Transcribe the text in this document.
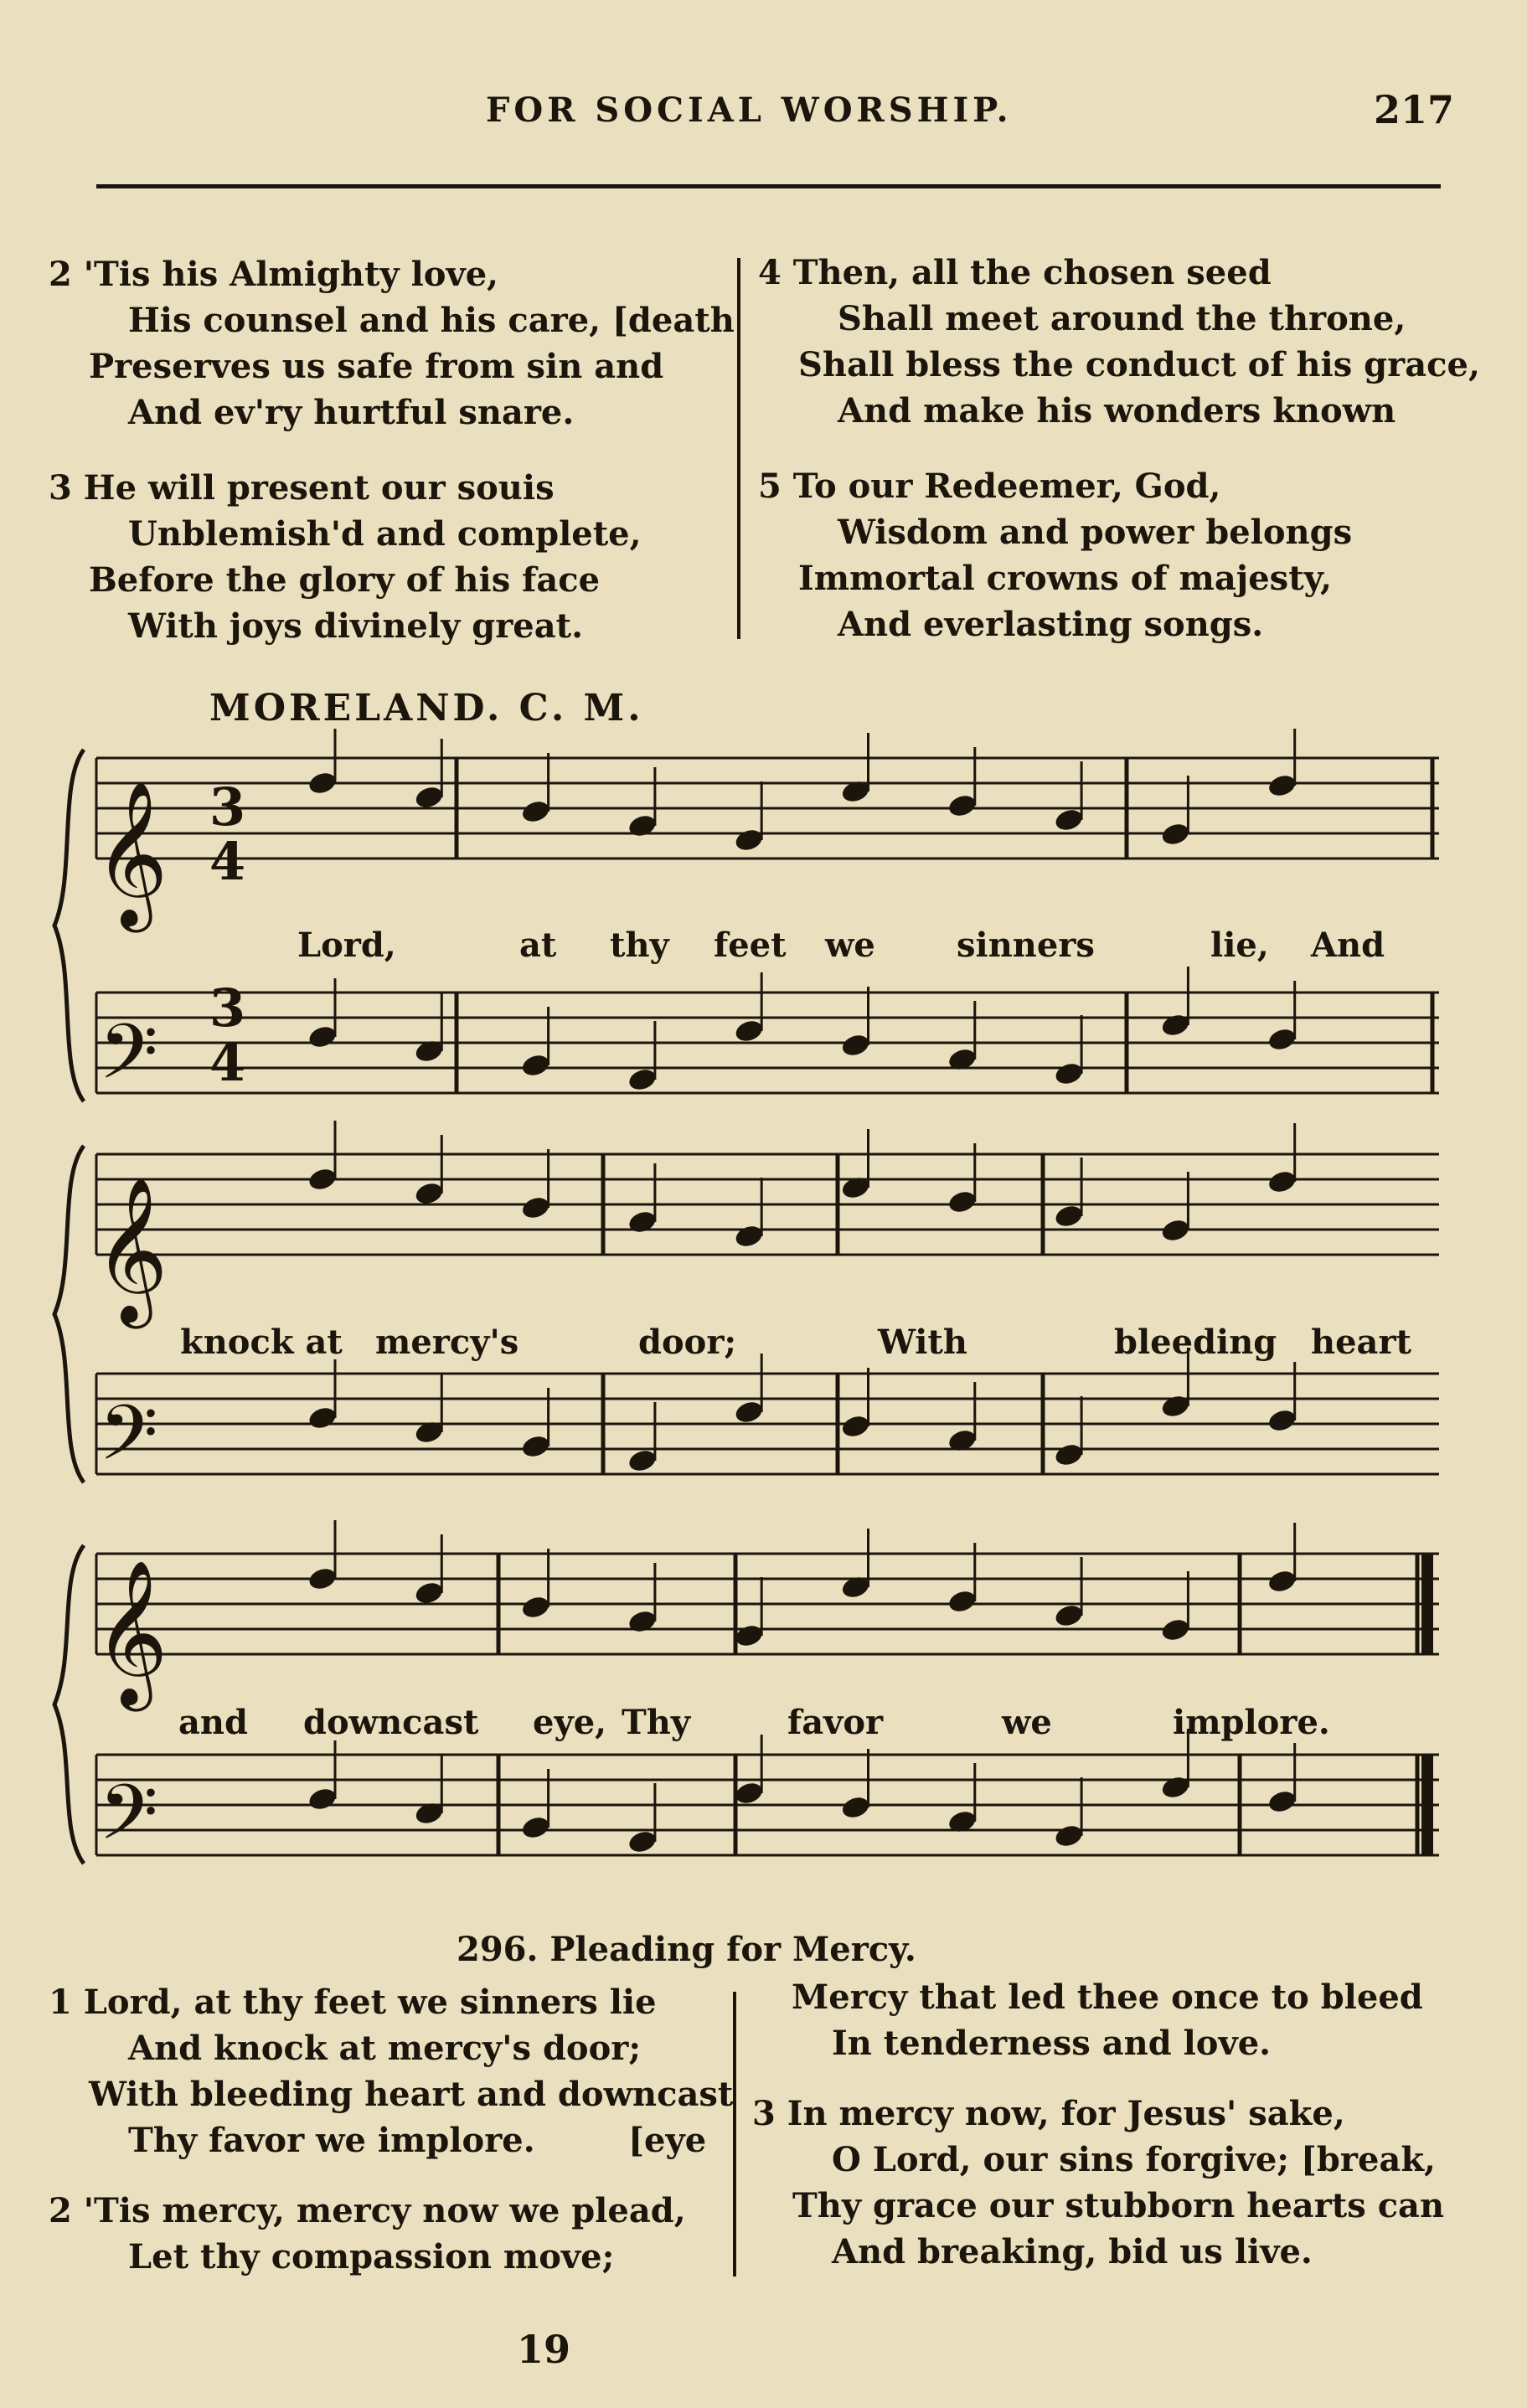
FOR SOCIAL WORSHIP.	217
2 'Tis his Almighty love,
His counsel and his care, [death
Preserves us safe from sin and
And ev'ry hurtful snare.
3 He will present our souis
Unblemish'd and complete,
Before the glory of his face
With joys divinely great.
4 Then, all the chosen seed
Shall meet around the throne,
Shall bless the conduct of his grace,
And make his wonders known
5 To our Redeemer, God,
Wisdom and power belongs
Immortal crowns of majesty,
And everlasting songs.
MORELAND. C. M.
𝄞
𝄢
𝄞
𝄢
𝄞
𝄢
3
4
3
4
Lord,	at thy feet we sinners	lie, And
knock at mercy's	door;	With	bleeding heart
and downcast eye, Thy	favor	we	implore.
296. Pleading for Mercy.
1 Lord, at thy feet we sinners lie
And knock at mercy's door;
With bleeding heart and downcast
Thy favor we implore.        [eye
2 'Tis mercy, mercy now we plead,
Let thy compassion move;
Mercy that led thee once to bleed
In tenderness and love.
3 In mercy now, for Jesus' sake,
O Lord, our sins forgive; [break,
Thy grace our stubborn hearts can
And breaking, bid us live.
19
